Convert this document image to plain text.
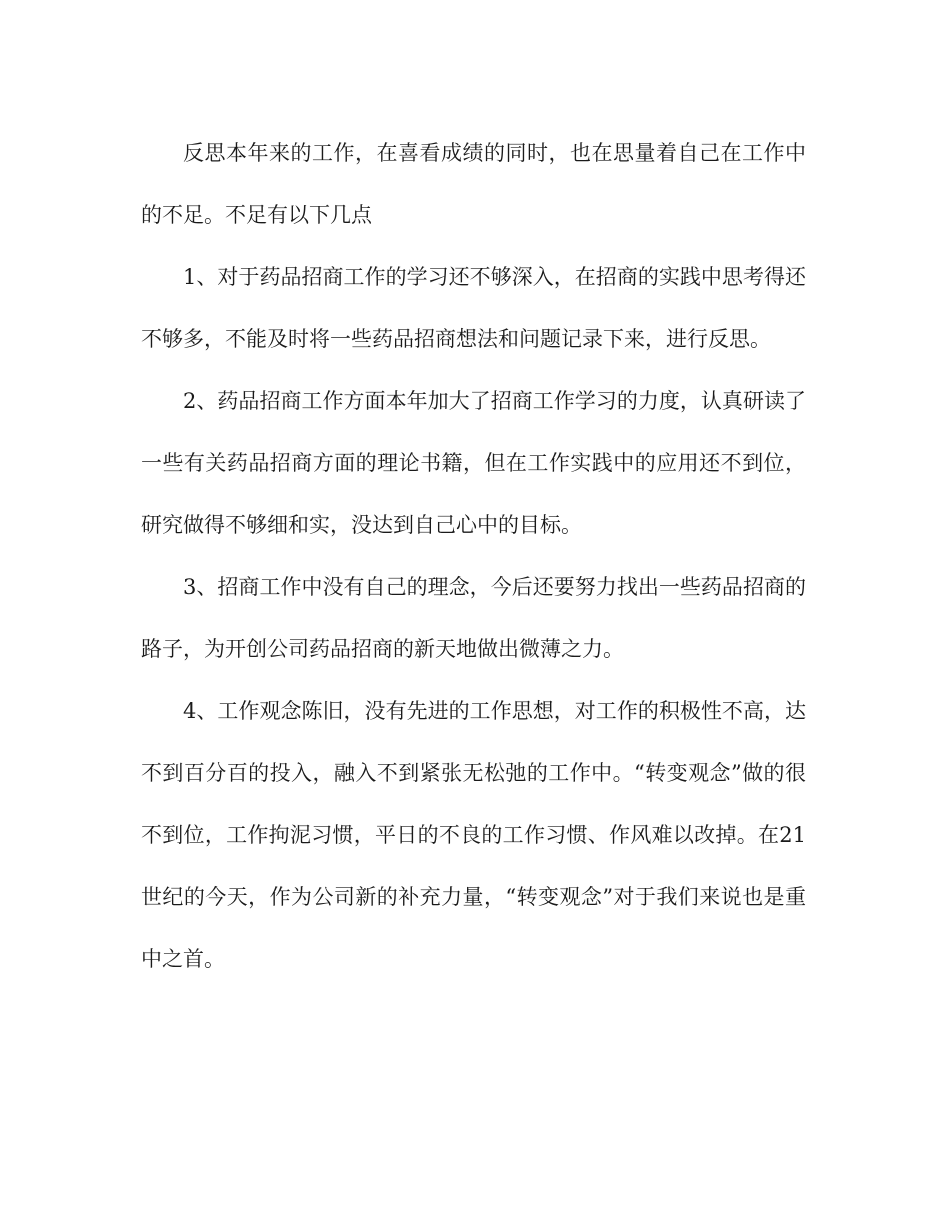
反思本年来的工作，在喜看成绩的同时，也在思量着自己在工作中的不足。不足有以下几点

1、对于药品招商工作的学习还不够深入，在招商的实践中思考得还不够多，不能及时将一些药品招商想法和问题记录下来，进行反思。

2、药品招商工作方面本年加大了招商工作学习的力度，认真研读了一些有关药品招商方面的理论书籍，但在工作实践中的应用还不到位，研究做得不够细和实，没达到自己心中的目标。

3、招商工作中没有自己的理念，今后还要努力找出一些药品招商的路子，为开创公司药品招商的新天地做出微薄之力。

4、工作观念陈旧，没有先进的工作思想，对工作的积极性不高，达不到百分百的投入，融入不到紧张无松弛的工作中。“转变观念”做的很不到位，工作拘泥习惯，平日的不良的工作习惯、作风难以改掉。在21世纪的今天，作为公司新的补充力量，“转变观念”对于我们来说也是重中之首。
